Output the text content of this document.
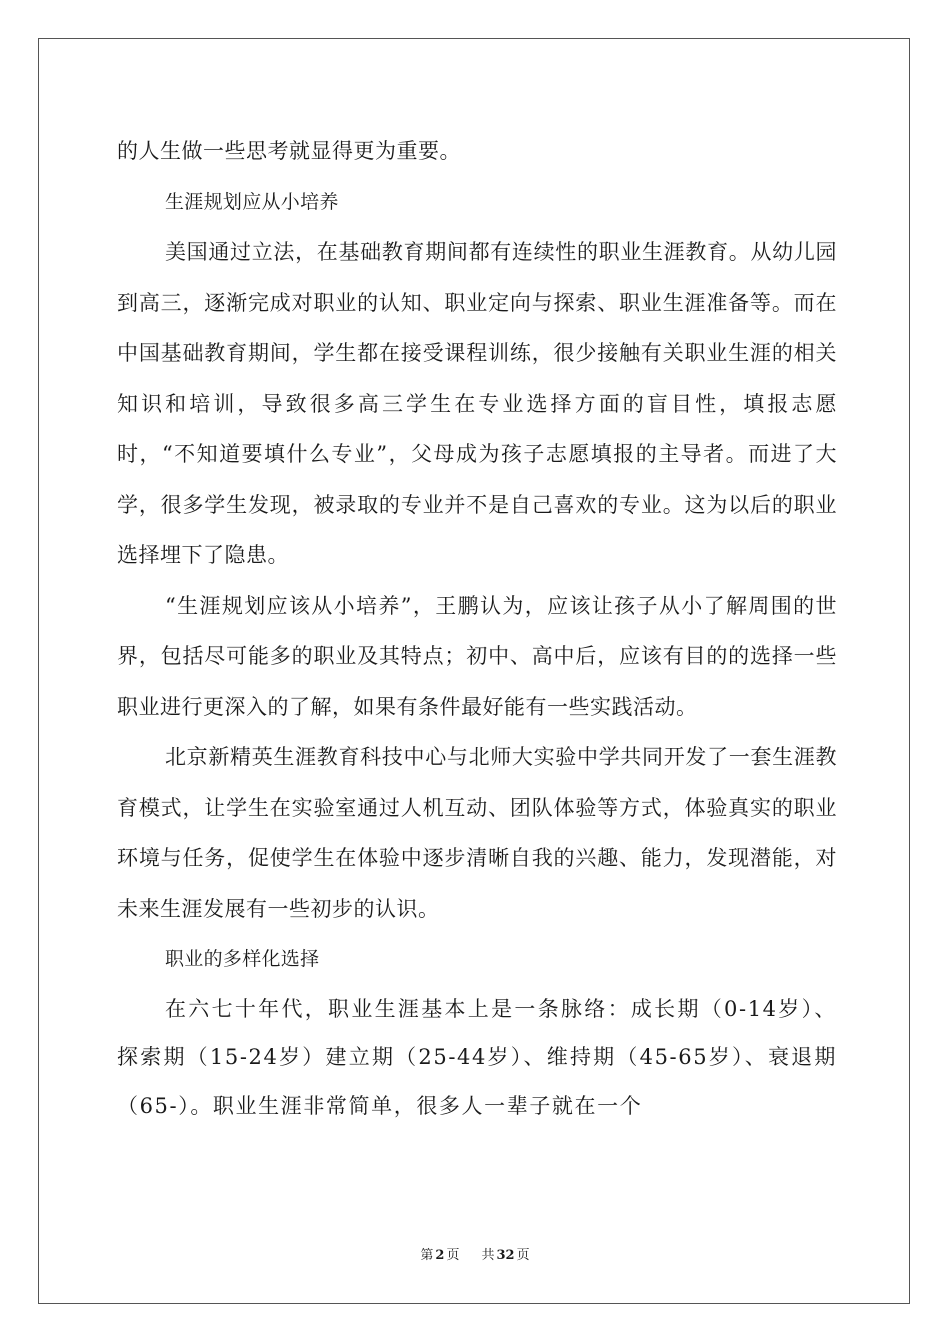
的人生做一些思考就显得更为重要。

生涯规划应从小培养

美国通过立法，在基础教育期间都有连续性的职业生涯教育。从幼儿园到高三，逐渐完成对职业的认知、职业定向与探索、职业生涯准备等。而在中国基础教育期间，学生都在接受课程训练，很少接触有关职业生涯的相关知识和培训，导致很多高三学生在专业选择方面的盲目性，填报志愿时，“不知道要填什么专业”，父母成为孩子志愿填报的主导者。而进了大学，很多学生发现，被录取的专业并不是自己喜欢的专业。这为以后的职业选择埋下了隐患。

“生涯规划应该从小培养”，王鹏认为，应该让孩子从小了解周围的世界，包括尽可能多的职业及其特点；初中、高中后，应该有目的的选择一些职业进行更深入的了解，如果有条件最好能有一些实践活动。

北京新精英生涯教育科技中心与北师大实验中学共同开发了一套生涯教育模式，让学生在实验室通过人机互动、团队体验等方式，体验真实的职业环境与任务，促使学生在体验中逐步清晰自我的兴趣、能力，发现潜能，对未来生涯发展有一些初步的认识。

职业的多样化选择

在六七十年代，职业生涯基本上是一条脉络：成长期（0-14岁）、探索期（15-24岁）建立期（25-44岁）、维持期（45-65岁）、衰退期（65-）。职业生涯非常简单，很多人一辈子就在一个

第 2 页 共 32 页
